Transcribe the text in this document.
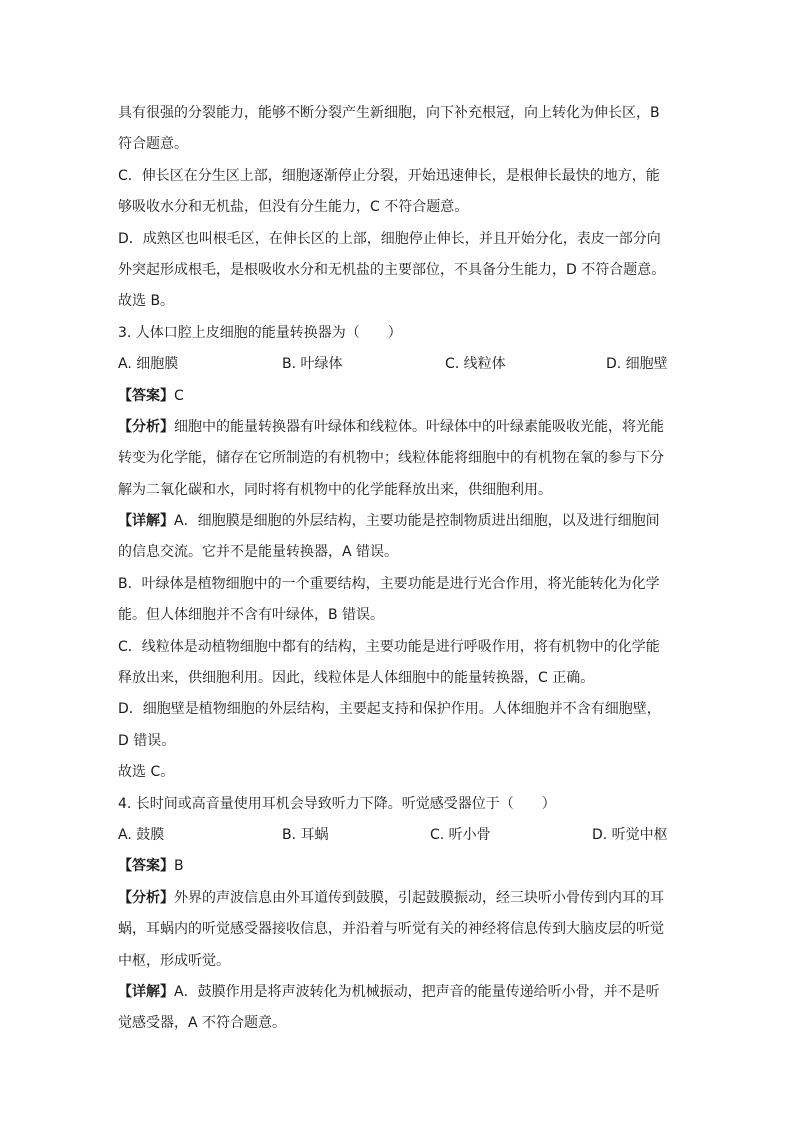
具有很强的分裂能力，能够不断分裂产生新细胞，向下补充根冠，向上转化为伸长区，B
符合题意。
C．伸长区在分生区上部，细胞逐渐停止分裂，开始迅速伸长，是根伸长最快的地方，能
够吸收水分和无机盐，但没有分生能力，C 不符合题意。
D．成熟区也叫根毛区，在伸长区的上部，细胞停止伸长，并且开始分化，表皮一部分向
外突起形成根毛，是根吸收水分和无机盐的主要部位，不具备分生能力，D 不符合题意。
故选 B。
3. 人体口腔上皮细胞的能量转换器为（　　）
A. 细胞膜	B. 叶绿体	C. 线粒体	D. 细胞壁
【答案】C
【分析】细胞中的能量转换器有叶绿体和线粒体。叶绿体中的叶绿素能吸收光能，将光能
转变为化学能，储存在它所制造的有机物中；线粒体能将细胞中的有机物在氧的参与下分
解为二氧化碳和水，同时将有机物中的化学能释放出来，供细胞利用。
【详解】A．细胞膜是细胞的外层结构，主要功能是控制物质进出细胞，以及进行细胞间
的信息交流。它并不是能量转换器，A 错误。
B．叶绿体是植物细胞中的一个重要结构，主要功能是进行光合作用，将光能转化为化学
能。但人体细胞并不含有叶绿体，B 错误。
C．线粒体是动植物细胞中都有的结构，主要功能是进行呼吸作用，将有机物中的化学能
释放出来，供细胞利用。因此，线粒体是人体细胞中的能量转换器，C 正确。
D．细胞壁是植物细胞的外层结构，主要起支持和保护作用。人体细胞并不含有细胞壁，
D 错误。
故选 C。
4. 长时间或高音量使用耳机会导致听力下降。听觉感受器位于（　　）
A. 鼓膜	B. 耳蜗	C. 听小骨	D. 听觉中枢
【答案】B
【分析】外界的声波信息由外耳道传到鼓膜，引起鼓膜振动，经三块听小骨传到内耳的耳
蜗，耳蜗内的听觉感受器接收信息，并沿着与听觉有关的神经将信息传到大脑皮层的听觉
中枢，形成听觉。
【详解】A．鼓膜作用是将声波转化为机械振动，把声音的能量传递给听小骨，并不是听
觉感受器，A 不符合题意。
